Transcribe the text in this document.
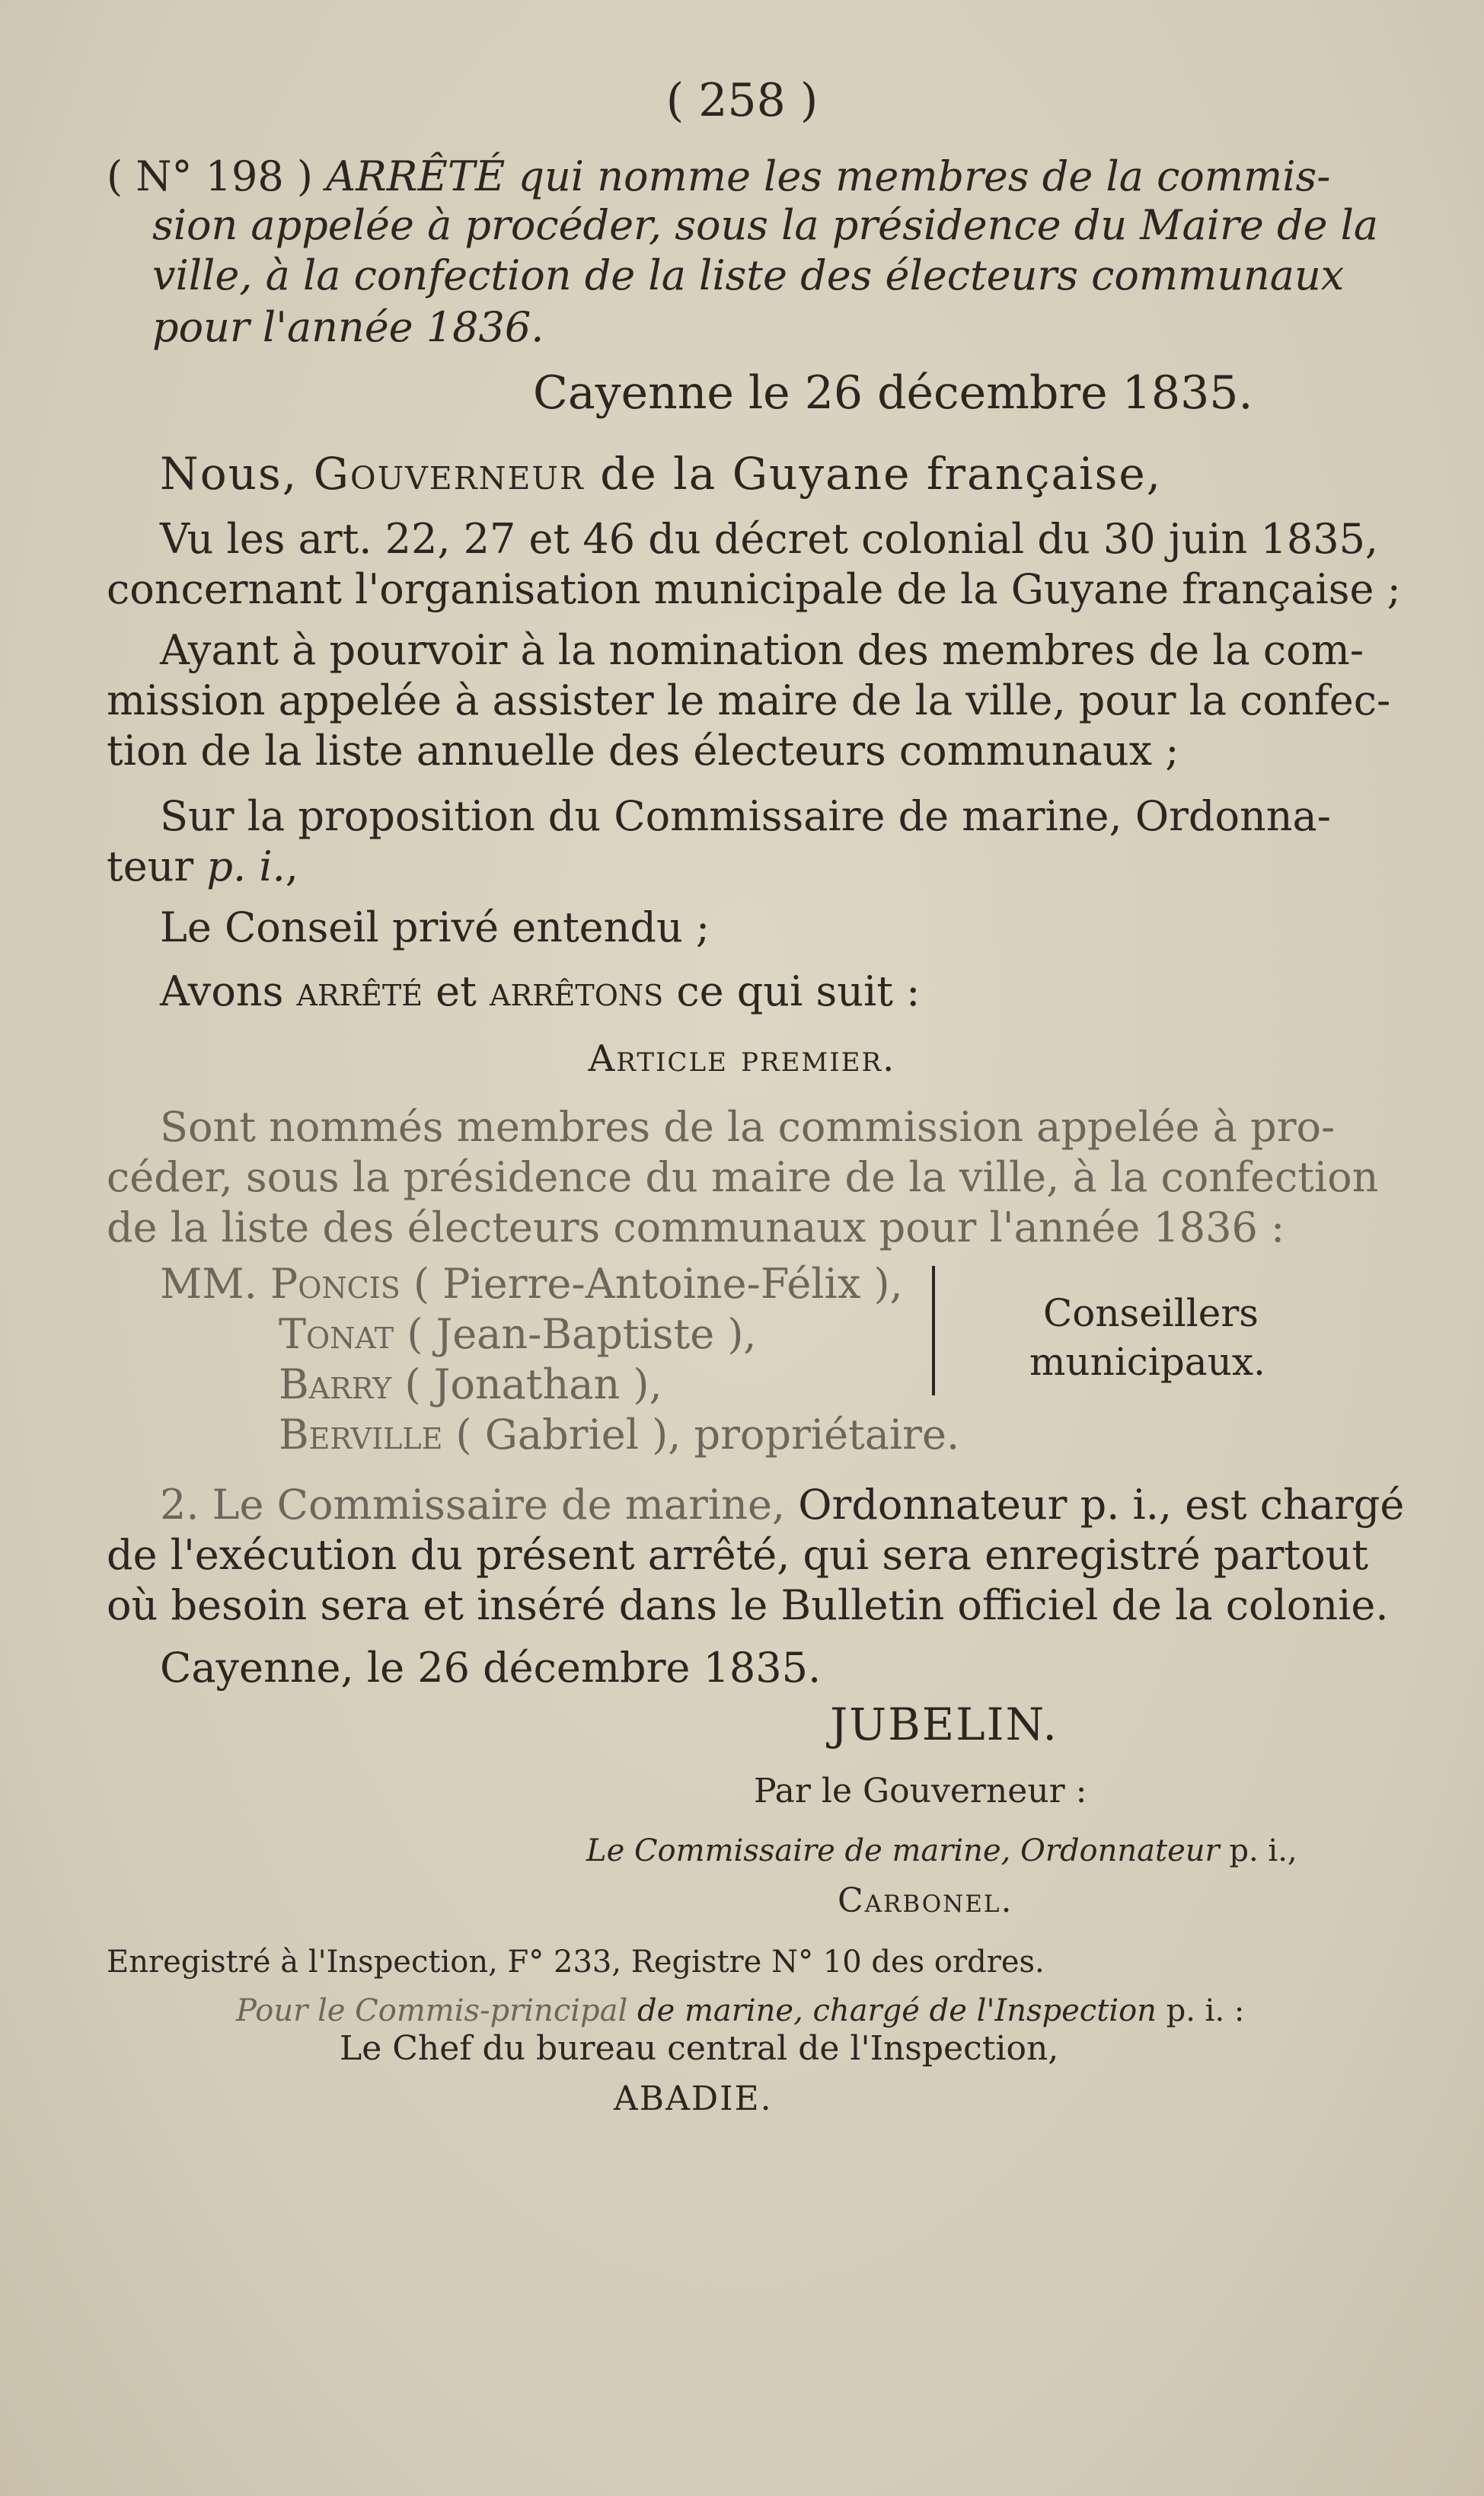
( 258 )
( N° 198 ) ARRÊTÉ qui nomme les membres de la commis-
sion appelée à procéder, sous la présidence du Maire de la
ville, à la confection de la liste des électeurs communaux
pour l'année 1836.
Cayenne le 26 décembre 1835.
Nous, Gouverneur de la Guyane française,
Vu les art. 22, 27 et 46 du décret colonial du 30 juin 1835,
concernant l'organisation municipale de la Guyane française ;
Ayant à pourvoir à la nomination des membres de la com-
mission appelée à assister le maire de la ville, pour la confec-
tion de la liste annuelle des électeurs communaux ;
Sur la proposition du Commissaire de marine, Ordonna-
teur p. i.,
Le Conseil privé entendu ;
Avons arrêté et arrêtons ce qui suit :
Article premier.
Sont nommés membres de la commission appelée à pro-
céder, sous la présidence du maire de la ville, à la confection
de la liste des électeurs communaux pour l'année 1836 :
MM. Poncis ( Pierre-Antoine-Félix ),
Tonat ( Jean-Baptiste ),
Barry ( Jonathan ),
Berville ( Gabriel ), propriétaire.
Conseillers
municipaux.
2. Le Commissaire de marine, Ordonnateur p. i., est chargé
de l'exécution du présent arrêté, qui sera enregistré partout
où besoin sera et inséré dans le Bulletin officiel de la colonie.
Cayenne, le 26 décembre 1835.
JUBELIN.
Par le Gouverneur :
Le Commissaire de marine, Ordonnateur p. i.,
Carbonel.
Enregistré à l'Inspection, F° 233, Registre N° 10 des ordres.
Pour le Commis-principal de marine, chargé de l'Inspection p. i. :
Le Chef du bureau central de l'Inspection,
ABADIE.
